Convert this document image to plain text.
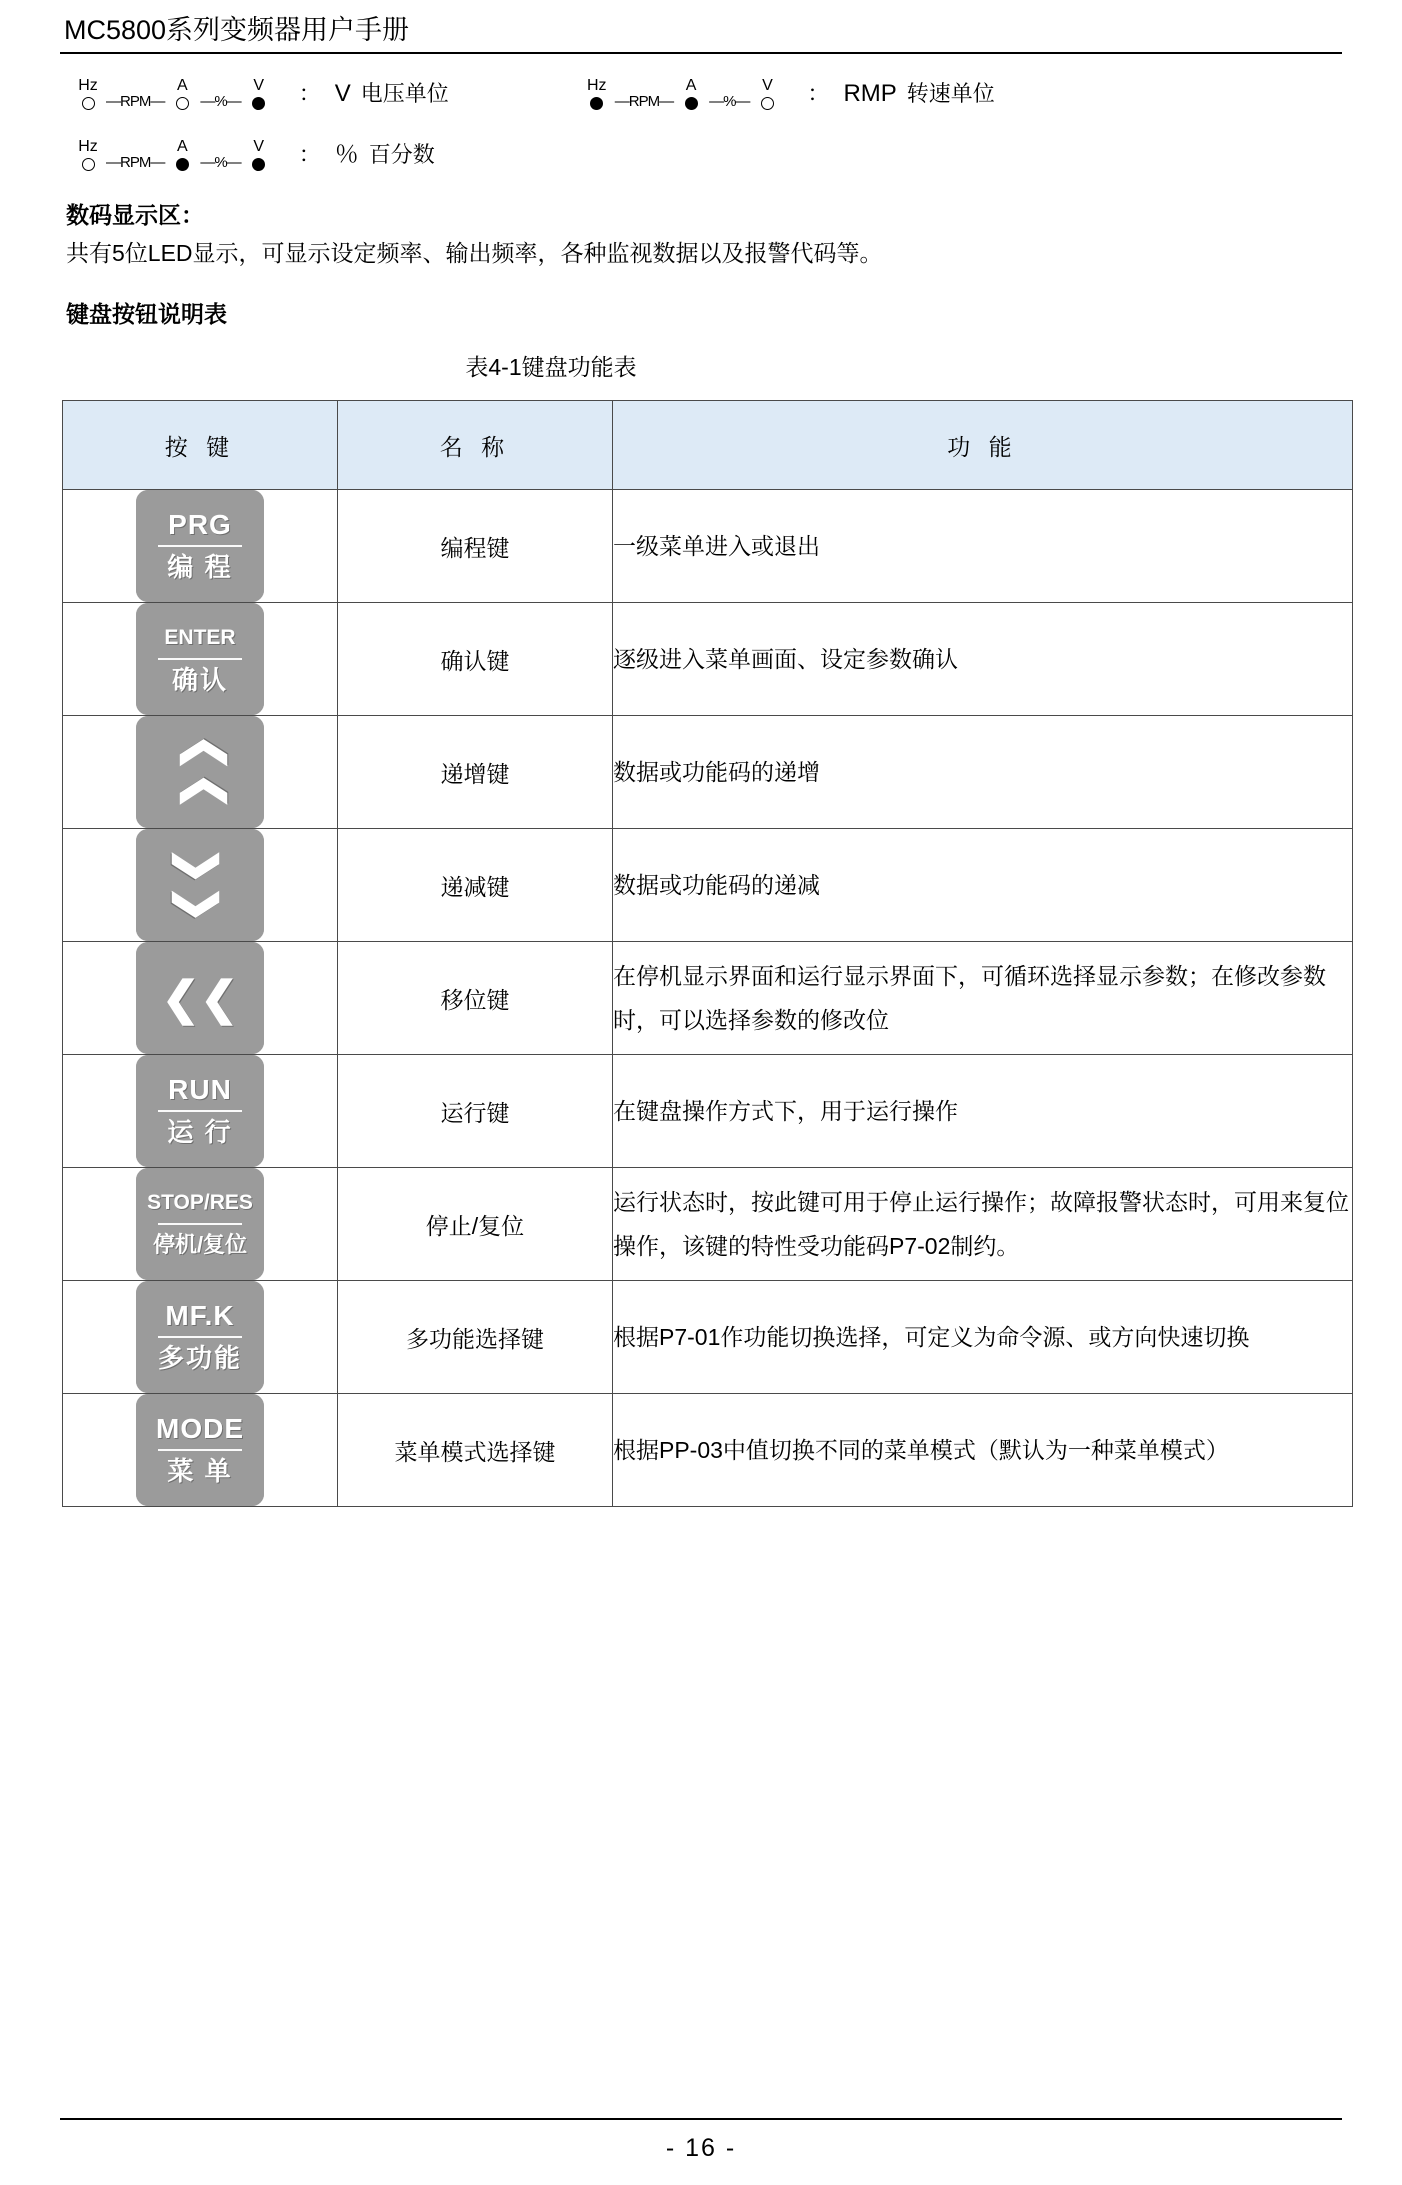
MC5800系列变频器用户手册
Hz
—RPM—
A
—%—
V	： V 电压单位	Hz
—RPM—
A
—%—
V	： RMP 转速单位
Hz
—RPM—
A
—%—
V	： ％ 百分数
数码显示区：
共有5位LED显示，可显示设定频率、输出频率，各种监视数据以及报警代码等。
键盘按钮说明表
表4-1键盘功能表
按 键	名 称	功 能

PRG
编 程	编程键	一级菜单进入或退出

ENTER
确认	确认键	逐级进入菜单画面、设定参数确认

❯❯	递增键	数据或功能码的递增

❯❯	递减键	数据或功能码的递减

❮❮	移位键	在停机显示界面和运行显示界面下，可循环选择显示参数；在修改参数时，可以选择参数的修改位

RUN
运 行	运行键	在键盘操作方式下，用于运行操作

STOP/RES
停机/复位	停止/复位	运行状态时，按此键可用于停止运行操作；故障报警状态时，可用来复位操作，该键的特性受功能码P7-02制约。

MF.K
多功能	多功能选择键	根据P7-01作功能切换选择，可定义为命令源、或方向快速切换

MODE
菜 单	菜单模式选择键	根据PP-03中值切换不同的菜单模式（默认为一种菜单模式）
- 16 -
